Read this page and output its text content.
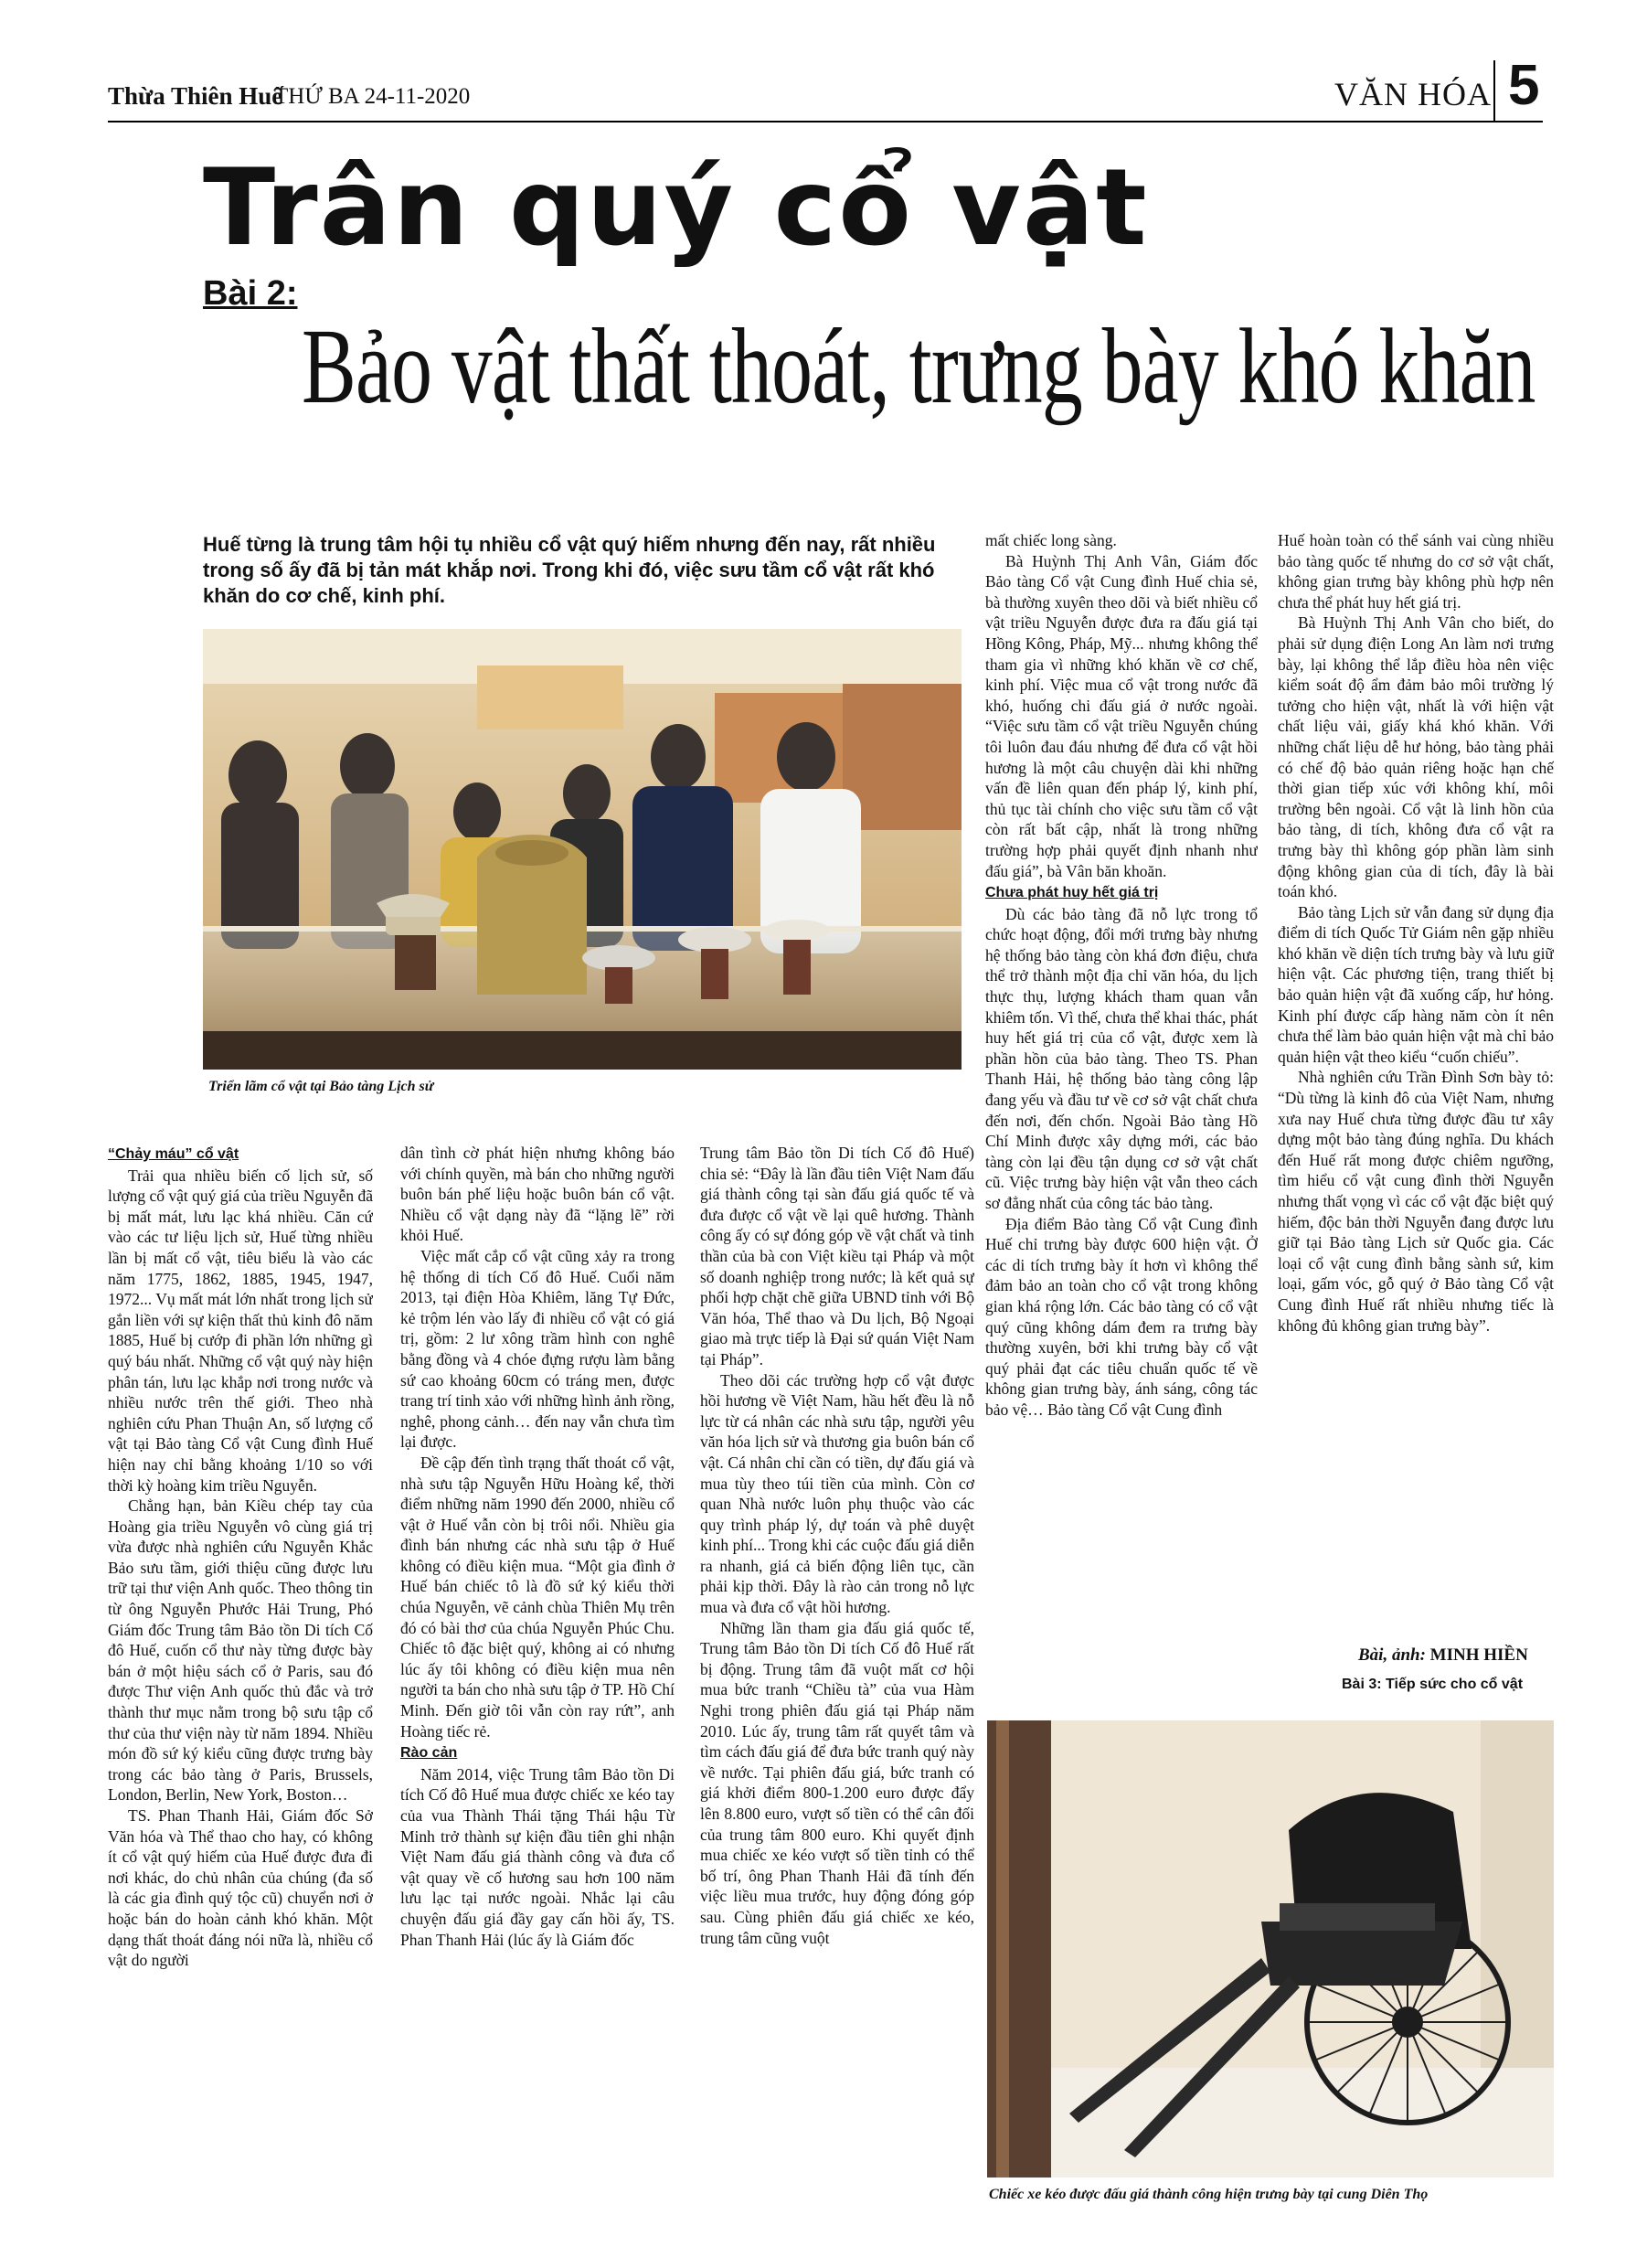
Thừa Thiên Huế
THỨ BA 24-11-2020	VĂN HÓA 5
Trân quý cổ vật
Bài 2:
Bảo vật thất thoát, trưng bày khó khăn
Huế từng là trung tâm hội tụ nhiều cổ vật quý hiếm nhưng đến nay, rất nhiều trong số ấy đã bị tản mát khắp nơi. Trong khi đó, việc sưu tầm cổ vật rất khó khăn do cơ chế, kinh phí.
Triển lãm cổ vật tại Bảo tàng Lịch sử
“Chảy máu” cổ vật

Trải qua nhiều biến cố lịch sử, số lượng cổ vật quý giá của triều Nguyễn đã bị mất mát, lưu lạc khá nhiều. Căn cứ vào các tư liệu lịch sử, Huế từng nhiều lần bị mất cổ vật, tiêu biểu là vào các năm 1775, 1862, 1885, 1945, 1947, 1972... Vụ mất mát lớn nhất trong lịch sử gắn liền với sự kiện thất thủ kinh đô năm 1885, Huế bị cướp đi phần lớn những gì quý báu nhất. Những cổ vật quý này hiện phân tán, lưu lạc khắp nơi trong nước và nhiều nước trên thế giới. Theo nhà nghiên cứu Phan Thuận An, số lượng cổ vật tại Bảo tàng Cổ vật Cung đình Huế hiện nay chỉ bằng khoảng 1/10 so với thời kỳ hoàng kim triều Nguyễn.

Chẳng hạn, bản Kiều chép tay của Hoàng gia triều Nguyễn vô cùng giá trị vừa được nhà nghiên cứu Nguyễn Khắc Bảo sưu tầm, giới thiệu cũng được lưu trữ tại thư viện Anh quốc. Theo thông tin từ ông Nguyễn Phước Hải Trung, Phó Giám đốc Trung tâm Bảo tồn Di tích Cố đô Huế, cuốn cổ thư này từng được bày bán ở một hiệu sách cổ ở Paris, sau đó được Thư viện Anh quốc thủ đắc và trở thành thư mục nằm trong bộ sưu tập cổ thư của thư viện này từ năm 1894. Nhiều món đồ sứ ký kiểu cũng được trưng bày trong các bảo tàng ở Paris, Brussels, London, Berlin, New York, Boston…

TS. Phan Thanh Hải, Giám đốc Sở Văn hóa và Thể thao cho hay, có không ít cổ vật quý hiếm của Huế được đưa đi nơi khác, do chủ nhân của chúng (đa số là các gia đình quý tộc cũ) chuyển nơi ở hoặc bán do hoàn cảnh khó khăn. Một dạng thất thoát đáng nói nữa là, nhiều cổ vật do người

dân tình cờ phát hiện nhưng không báo với chính quyền, mà bán cho những người buôn bán phế liệu hoặc buôn bán cổ vật. Nhiều cổ vật dạng này đã “lặng lẽ” rời khỏi Huế.

Việc mất cắp cổ vật cũng xảy ra trong hệ thống di tích Cố đô Huế. Cuối năm 2013, tại điện Hòa Khiêm, lăng Tự Đức, kẻ trộm lén vào lấy đi nhiều cổ vật có giá trị, gồm: 2 lư xông trầm hình con nghê bằng đồng và 4 chóe đựng rượu làm bằng sứ cao khoảng 60cm có tráng men, được trang trí tinh xảo với những hình ảnh rồng, nghê, phong cảnh… đến nay vẫn chưa tìm lại được.

Đề cập đến tình trạng thất thoát cổ vật, nhà sưu tập Nguyễn Hữu Hoàng kể, thời điểm những năm 1990 đến 2000, nhiều cổ vật ở Huế vẫn còn bị trôi nổi. Nhiều gia đình bán nhưng các nhà sưu tập ở Huế không có điều kiện mua. “Một gia đình ở Huế bán chiếc tô là đồ sứ ký kiểu thời chúa Nguyễn, vẽ cảnh chùa Thiên Mụ trên đó có bài thơ của chúa Nguyễn Phúc Chu. Chiếc tô đặc biệt quý, không ai có nhưng lúc ấy tôi không có điều kiện mua nên người ta bán cho nhà sưu tập ở TP. Hồ Chí Minh. Đến giờ tôi vẫn còn ray rứt”, anh Hoàng tiếc rẻ.

Rào cản

Năm 2014, việc Trung tâm Bảo tồn Di tích Cố đô Huế mua được chiếc xe kéo tay của vua Thành Thái tặng Thái hậu Từ Minh trở thành sự kiện đầu tiên ghi nhận Việt Nam đấu giá thành công và đưa cổ vật quay về cố hương sau hơn 100 năm lưu lạc tại nước ngoài. Nhắc lại câu chuyện đấu giá đầy gay cấn hồi ấy, TS. Phan Thanh Hải (lúc ấy là Giám đốc

Trung tâm Bảo tồn Di tích Cố đô Huế) chia sẻ: “Đây là lần đầu tiên Việt Nam đấu giá thành công tại sàn đấu giá quốc tế và đưa được cổ vật về lại quê hương. Thành công ấy có sự đóng góp về vật chất và tinh thần của bà con Việt kiều tại Pháp và một số doanh nghiệp trong nước; là kết quả sự phối hợp chặt chẽ giữa UBND tỉnh với Bộ Văn hóa, Thể thao và Du lịch, Bộ Ngoại giao mà trực tiếp là Đại sứ quán Việt Nam tại Pháp”.

Theo dõi các trường hợp cổ vật được hồi hương về Việt Nam, hầu hết đều là nỗ lực từ cá nhân các nhà sưu tập, người yêu văn hóa lịch sử và thương gia buôn bán cổ vật. Cá nhân chỉ cần có tiền, dự đấu giá và mua tùy theo túi tiền của mình. Còn cơ quan Nhà nước luôn phụ thuộc vào các quy trình pháp lý, dự toán và phê duyệt kinh phí... Trong khi các cuộc đấu giá diễn ra nhanh, giá cả biến động liên tục, cần phải kịp thời. Đây là rào cản trong nỗ lực mua và đưa cổ vật hồi hương.

Những lần tham gia đấu giá quốc tế, Trung tâm Bảo tồn Di tích Cố đô Huế rất bị động. Trung tâm đã vuột mất cơ hội mua bức tranh “Chiều tà” của vua Hàm Nghi trong phiên đấu giá tại Pháp năm 2010. Lúc ấy, trung tâm rất quyết tâm và tìm cách đấu giá để đưa bức tranh quý này về nước. Tại phiên đấu giá, bức tranh có giá khởi điểm 800-1.200 euro được đẩy lên 8.800 euro, vượt số tiền có thể cân đối của trung tâm 800 euro. Khi quyết định mua chiếc xe kéo vượt số tiền tỉnh có thể bố trí, ông Phan Thanh Hải đã tính đến việc liều mua trước, huy động đóng góp sau. Cùng phiên đấu giá chiếc xe kéo, trung tâm cũng vuột

mất chiếc long sàng.

Bà Huỳnh Thị Anh Vân, Giám đốc Bảo tàng Cổ vật Cung đình Huế chia sẻ, bà thường xuyên theo dõi và biết nhiều cổ vật triều Nguyễn được đưa ra đấu giá tại Hồng Kông, Pháp, Mỹ... nhưng không thể tham gia vì những khó khăn về cơ chế, kinh phí. Việc mua cổ vật trong nước đã khó, huống chi đấu giá ở nước ngoài. “Việc sưu tầm cổ vật triều Nguyễn chúng tôi luôn đau đáu nhưng để đưa cổ vật hồi hương là một câu chuyện dài khi những vấn đề liên quan đến pháp lý, kinh phí, thủ tục tài chính cho việc sưu tầm cổ vật còn rất bất cập, nhất là trong những trường hợp phải quyết định nhanh như đấu giá”, bà Vân băn khoăn.

Chưa phát huy hết giá trị

Dù các bảo tàng đã nỗ lực trong tổ chức hoạt động, đổi mới trưng bày nhưng hệ thống bảo tàng còn khá đơn điệu, chưa thể trở thành một địa chỉ văn hóa, du lịch thực thụ, lượng khách tham quan vẫn khiêm tốn. Vì thế, chưa thể khai thác, phát huy hết giá trị của cổ vật, được xem là phần hồn của bảo tàng. Theo TS. Phan Thanh Hải, hệ thống bảo tàng công lập đang yếu và đầu tư về cơ sở vật chất chưa đến nơi, đến chốn. Ngoài Bảo tàng Hồ Chí Minh được xây dựng mới, các bảo tàng còn lại đều tận dụng cơ sở vật chất cũ. Việc trưng bày hiện vật vẫn theo cách sơ đẳng nhất của công tác bảo tàng.

Địa điểm Bảo tàng Cổ vật Cung đình Huế chỉ trưng bày được 600 hiện vật. Ở các di tích trưng bày ít hơn vì không thể đảm bảo an toàn cho cổ vật trong không gian khá rộng lớn. Các bảo tàng có cổ vật quý cũng không dám đem ra trưng bày thường xuyên, bởi khi trưng bày cổ vật quý phải đạt các tiêu chuẩn quốc tế về không gian trưng bày, ánh sáng, công tác bảo vệ… Bảo tàng Cổ vật Cung đình

Huế hoàn toàn có thể sánh vai cùng nhiều bảo tàng quốc tế nhưng do cơ sở vật chất, không gian trưng bày không phù hợp nên chưa thể phát huy hết giá trị.

Bà Huỳnh Thị Anh Vân cho biết, do phải sử dụng điện Long An làm nơi trưng bày, lại không thể lắp điều hòa nên việc kiểm soát độ ẩm đảm bảo môi trường lý tưởng cho hiện vật, nhất là với hiện vật chất liệu vải, giấy khá khó khăn. Với những chất liệu dễ hư hỏng, bảo tàng phải có chế độ bảo quản riêng hoặc hạn chế thời gian tiếp xúc với không khí, môi trường bên ngoài. Cổ vật là linh hồn của bảo tàng, di tích, không đưa cổ vật ra trưng bày thì không góp phần làm sinh động không gian của di tích, đây là bài toán khó.

Bảo tàng Lịch sử vẫn đang sử dụng địa điểm di tích Quốc Tử Giám nên gặp nhiều khó khăn về diện tích trưng bày và lưu giữ hiện vật. Các phương tiện, trang thiết bị bảo quản hiện vật đã xuống cấp, hư hỏng. Kinh phí được cấp hàng năm còn ít nên chưa thể làm bảo quản hiện vật mà chỉ bảo quản hiện vật theo kiểu “cuốn chiếu”.

Nhà nghiên cứu Trần Đình Sơn bày tỏ: “Dù từng là kinh đô của Việt Nam, nhưng xưa nay Huế chưa từng được đầu tư xây dựng một bảo tàng đúng nghĩa. Du khách đến Huế rất mong được chiêm ngưỡng, tìm hiểu cổ vật cung đình thời Nguyễn nhưng thất vọng vì các cổ vật đặc biệt quý hiếm, độc bản thời Nguyễn đang được lưu giữ tại Bảo tàng Lịch sử Quốc gia. Các loại cổ vật cung đình bằng sành sứ, kim loại, gấm vóc, gỗ quý ở Bảo tàng Cổ vật Cung đình Huế rất nhiều nhưng tiếc là không đủ không gian trưng bày”.

Bài, ảnh: MINH HIỀN
Bài 3: Tiếp sức cho cổ vật
Chiếc xe kéo được đấu giá thành công hiện trưng bày tại cung Diên Thọ
